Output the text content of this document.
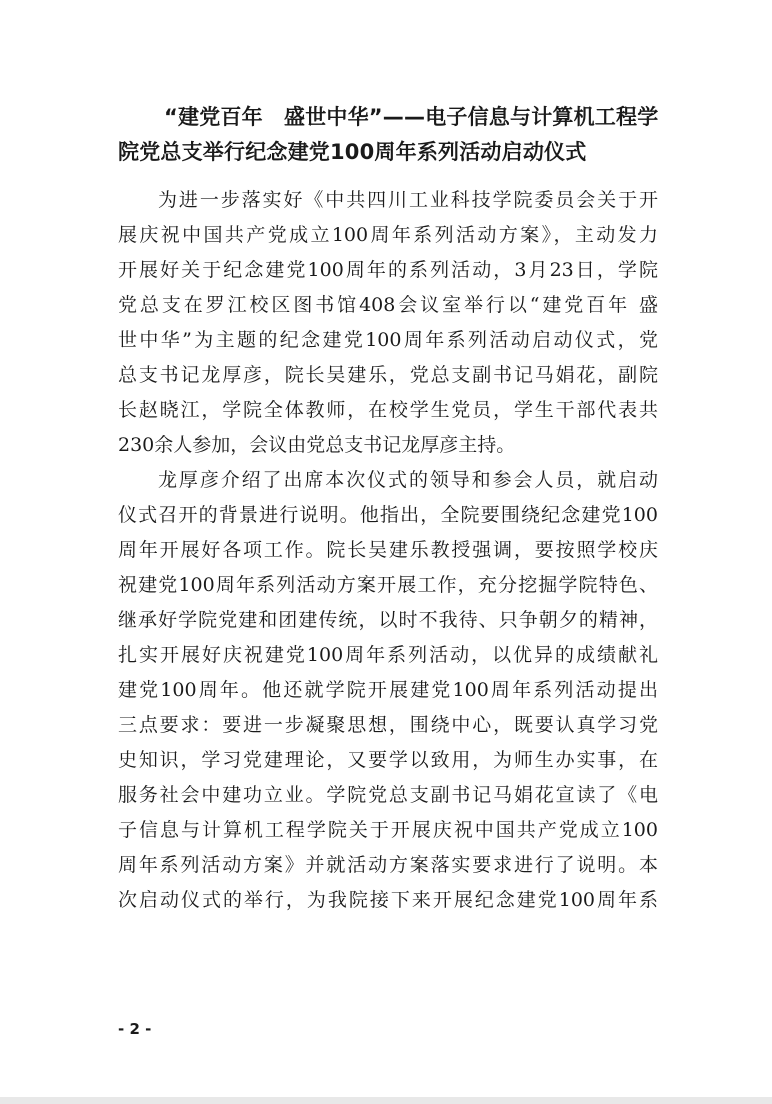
“建党百年　盛世中华”——电子信息与计算机工程学
院党总支举行纪念建党100周年系列活动启动仪式
为进一步落实好《中共四川工业科技学院委员会关于开
展庆祝中国共产党成立100周年系列活动方案》，主动发力
开展好关于纪念建党100周年的系列活动，3月23日，学院
党总支在罗江校区图书馆408会议室举行以“建党百年 盛
世中华”为主题的纪念建党100周年系列活动启动仪式，党
总支书记龙厚彦，院长吴建乐，党总支副书记马娟花，副院
长赵晓江，学院全体教师，在校学生党员，学生干部代表共
230余人参加，会议由党总支书记龙厚彦主持。
龙厚彦介绍了出席本次仪式的领导和参会人员，就启动
仪式召开的背景进行说明。他指出，全院要围绕纪念建党100
周年开展好各项工作。院长吴建乐教授强调，要按照学校庆
祝建党100周年系列活动方案开展工作，充分挖掘学院特色、
继承好学院党建和团建传统，以时不我待、只争朝夕的精神，
扎实开展好庆祝建党100周年系列活动，以优异的成绩献礼
建党100周年。他还就学院开展建党100周年系列活动提出
三点要求：要进一步凝聚思想，围绕中心，既要认真学习党
史知识，学习党建理论，又要学以致用，为师生办实事，在
服务社会中建功立业。学院党总支副书记马娟花宣读了《电
子信息与计算机工程学院关于开展庆祝中国共产党成立100
周年系列活动方案》并就活动方案落实要求进行了说明。本
次启动仪式的举行，为我院接下来开展纪念建党100周年系
- 2 -
